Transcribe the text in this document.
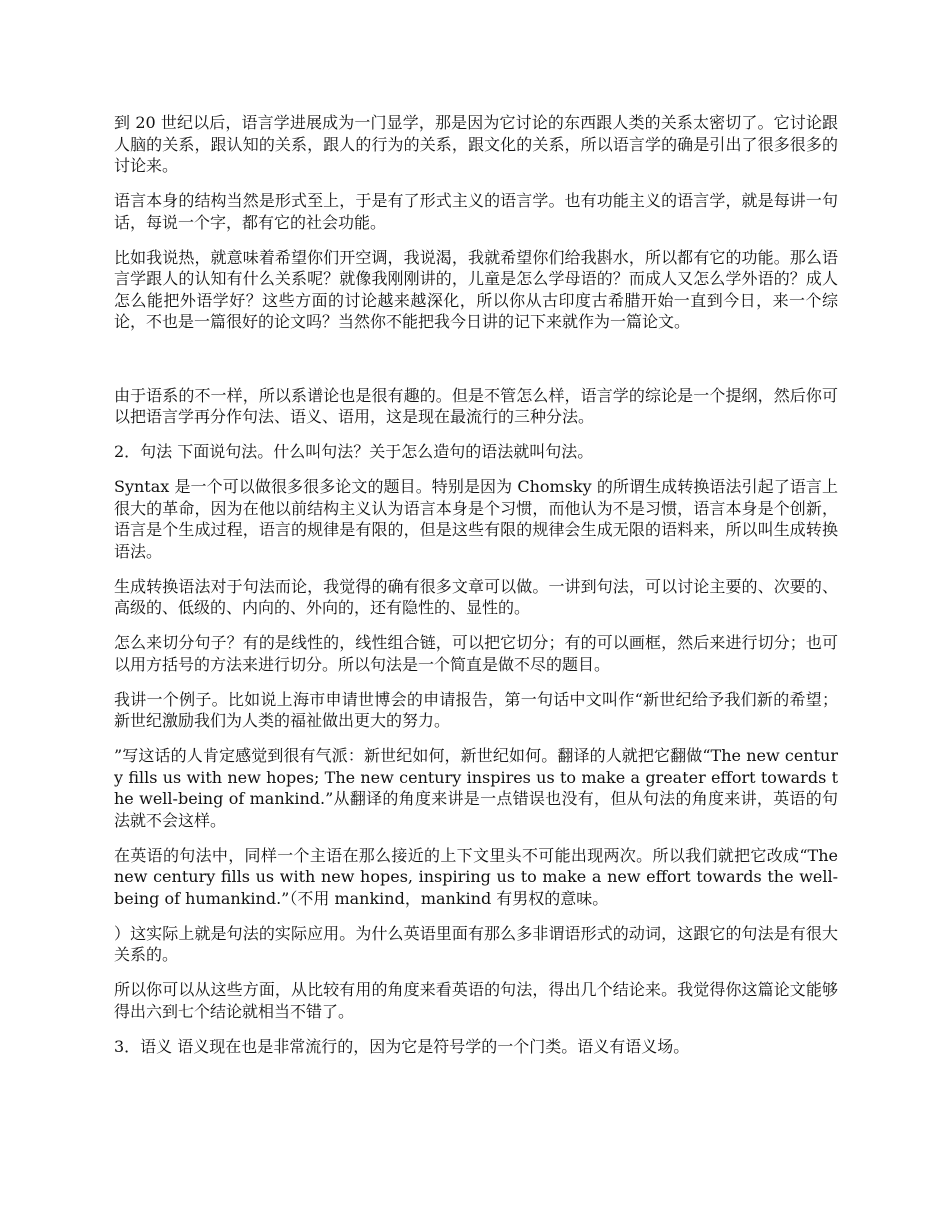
到 20 世纪以后，语言学进展成为一门显学，那是因为它讨论的东西跟人类的关系太密切了。它讨论跟人脑的关系，跟认知的关系，跟人的行为的关系，跟文化的关系，所以语言学的确是引出了很多很多的讨论来。

语言本身的结构当然是形式至上，于是有了形式主义的语言学。也有功能主义的语言学，就是每讲一句话，每说一个字，都有它的社会功能。

比如我说热，就意味着希望你们开空调，我说渴，我就希望你们给我斟水，所以都有它的功能。那么语言学跟人的认知有什么关系呢？就像我刚刚讲的，儿童是怎么学母语的？而成人又怎么学外语的？成人怎么能把外语学好？这些方面的讨论越来越深化，所以你从古印度古希腊开始一直到今日，来一个综论，不也是一篇很好的论文吗？当然你不能把我今日讲的记下来就作为一篇论文。

由于语系的不一样，所以系谱论也是很有趣的。但是不管怎么样，语言学的综论是一个提纲，然后你可以把语言学再分作句法、语义、语用，这是现在最流行的三种分法。

2．句法 下面说句法。什么叫句法？关于怎么造句的语法就叫句法。

Syntax 是一个可以做很多很多论文的题目。特别是因为 Chomsky 的所谓生成转换语法引起了语言上很大的革命，因为在他以前结构主义认为语言本身是个习惯，而他认为不是习惯，语言本身是个创新，语言是个生成过程，语言的规律是有限的，但是这些有限的规律会生成无限的语料来，所以叫生成转换语法。

生成转换语法对于句法而论，我觉得的确有很多文章可以做。一讲到句法，可以讨论主要的、次要的、高级的、低级的、内向的、外向的，还有隐性的、显性的。

怎么来切分句子？有的是线性的，线性组合链，可以把它切分；有的可以画框，然后来进行切分；也可以用方括号的方法来进行切分。所以句法是一个简直是做不尽的题目。

我讲一个例子。比如说上海市申请世博会的申请报告，第一句话中文叫作“新世纪给予我们新的希望；新世纪激励我们为人类的福祉做出更大的努力。

”写这话的人肯定感觉到很有气派：新世纪如何，新世纪如何。翻译的人就把它翻做“The new century fills us with new hopes; The new century inspires us to make a greater effort towards the well-being of mankind.”从翻译的角度来讲是一点错误也没有，但从句法的角度来讲，英语的句法就不会这样。

在英语的句法中，同样一个主语在那么接近的上下文里头不可能出现两次。所以我们就把它改成“The new century fills us with new hopes, inspiring us to make a new effort towards the well-being of humankind.”（不用 mankind，mankind 有男权的意味。

）这实际上就是句法的实际应用。为什么英语里面有那么多非谓语形式的动词，这跟它的句法是有很大关系的。

所以你可以从这些方面，从比较有用的角度来看英语的句法，得出几个结论来。我觉得你这篇论文能够得出六到七个结论就相当不错了。

3．语义 语义现在也是非常流行的，因为它是符号学的一个门类。语义有语义场。
